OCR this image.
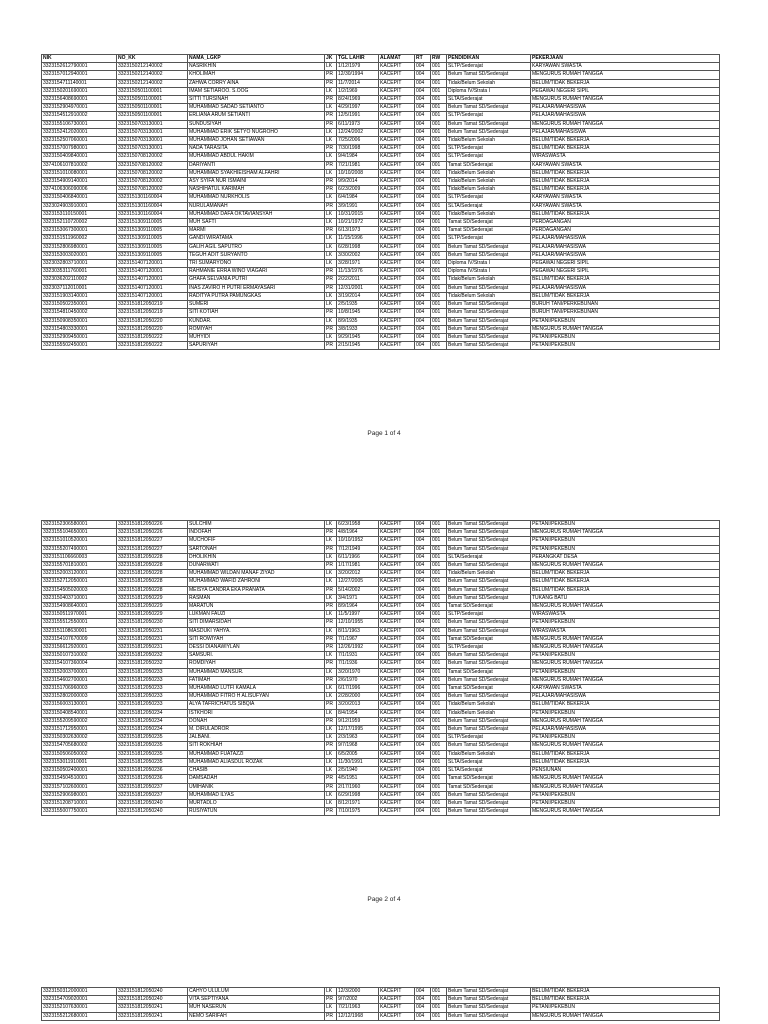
NIK	NO_KK	NAMA_LGKP	JK	TGL LAHIR	ALAMAT	RT	RW	PENDIDIKAN	PEKERJAAN
3323152612790001	3323150212140002	NASRIKHIN	LK	1/12/1979	KACEPIT	004	001	SLTP/Sederajat	KARYAWAN SWASTA
3323157012940001	3323150212140002	KHOLIMAH	PR	12/30/1994	KACEPIT	004	001	Belum Tamat SD/Sederajat	MENGURUS RUMAH TANGGA
3323154711140001	3323150212140002	ZAHWA CORRY AINA	PR	11/7/2014	KACEPIT	004	001	Tidak/Belum Sekolah	BELUM/TIDAK BEKERJA
3323150201690001	3323150501100001	IMAM SETIAROO. S.OOG	LK	1/2/1969	KACEPIT	004	001	Diploma IV/Strata I	PEGAWAI NEGERI SIPIL
3323156408690001	3323150501100001	SITTI TURSINAH	PR	8/24/1969	KACEPIT	004	001	SLTA/Sederajat	MENGURUS RUMAH TANGGA
3323152904970001	3323150501100001	MUHAMMAD SADAD SETIANTO	LK	4/29/1997	KACEPIT	004	001	Belum Tamat SD/Sederajat	PELAJAR/MAHASISWA
3323154512910002	3323150501100001	ERLIANA ARUM SETIANTI	PR	12/5/1991	KACEPIT	004	001	SLTP/Sederajat	PELAJAR/MAHASISWA
3323155106730001	3323150703130001	SUNDUSIYAH	PR	6/11/1973	KACEPIT	004	001	Belum Tamat SD/Sederajat	MENGURUS RUMAH TANGGA
3323152412020001	3323150703130001	MUHAMMAD ERIK SETYO NUGROHO	LK	12/24/2002	KACEPIT	004	001	Belum Tamat SD/Sederajat	PELAJAR/MAHASISWA
3323152507060001	3323150703130001	MUHAMMAD JOHAN SETIAWAN	LK	7/25/2006	KACEPIT	004	001	Tidak/Belum Sekolah	BELUM/TIDAK BEKERJA
3323157007980001	3323150703130001	NADA TARASITA	PR	7/30/1998	KACEPIT	004	001	SLTP/Sederajat	BELUM/TIDAK BEKERJA
3323150409840001	3323150708120002	MUHAMMAD ABDUL HAKIM	LK	9/4/1984	KACEPIT	004	001	SLTP/Sederajat	WIRASWASTA
3374106107810002	3323150708120002	DARIYANTI	PR	7/21/1981	KACEPIT	004	001	Tamat SD/Sederajat	KARYAWAN SWASTA
3323151010080001	3323150708120002	MUHAMMAD SYAKHIEISHAM ALFAHRI	LK	10/10/2008	KACEPIT	004	001	Tidak/Belum Sekolah	BELUM/TIDAK BEKERJA
3323154909140001	3323150708120002	ASY SYIFA NUR ISMAINI	PR	9/9/2014	KACEPIT	004	001	Tidak/Belum Sekolah	BELUM/TIDAK BEKERJA
3374106306090006	3323150708120002	NASHIHATUL KARIMAH	PR	6/23/2009	KACEPIT	004	001	Tidak/Belum Sekolah	BELUM/TIDAK BEKERJA
3323150406840001	3323151301160004	MUHAMMAD NURKHOLIS	LK	6/4/1984	KACEPIT	004	001	SLTP/Sederajat	KARYAWAN SWASTA
3323024903910001	3323151301160004	NURULAMANAH	PR	3/9/1991	KACEPIT	004	001	SLTA/Sederajat	KARYAWAN SWASTA
3323153110150001	3323151301160004	MUHAMMAD DAFA OKTAVIANSYAH	LK	10/31/2015	KACEPIT	004	001	Tidak/Belum Sekolah	BELUM/TIDAK BEKERJA
3323152110720002	3323151309110005	MUH SAFTI	LK	10/21/1972	KACEPIT	004	001	Tamat SD/Sederajat	PERDAGANGAN
3323153067300001	3323151309110005	MARMI	PR	6/13/1973	KACEPIT	004	001	Tamat SD/Sederajat	PERDAGANGAN
3323151511960002	3323151309110005	GANDI WIRATAMA	LK	11/15/1996	KACEPIT	004	001	SLTP/Sederajat	PELAJAR/MAHASISWA
3323152806980001	3323151309110005	GALIH AGIL SAPUTRO	LK	6/28/1998	KACEPIT	004	001	Belum Tamat SD/Sederajat	PELAJAR/MAHASISWA
3323153003020001	3323151309110005	TEGUH ADIT SURYANTO	LK	3/30/2002	KACEPIT	004	001	Belum Tamat SD/Sederajat	PELAJAR/MAHASISWA
3323032803710001	3323151407120001	TRI SUMARYONO	LK	3/28/1971	KACEPIT	004	001	Diploma IV/Strata I	PEGAWAI NEGERI SIPIL
3323035311760001	3323151407120001	RAHMANIE ERRA WINO VIAGARI	PR	11/13/1976	KACEPIT	004	001	Diploma IV/Strata I	PEGAWAI NEGERI SIPIL
3323036202110002	3323151407120001	GHAFA SELVANIA PUTRI	PR	2/22/2011	KACEPIT	004	001	Tidak/Belum Sekolah	BELUM/TIDAK BEKERJA
3323037112010001	3323151407120001	INAS ZAVIRO H PUTRI ERMAYASARI	PR	12/31/2001	KACEPIT	004	001	Belum Tamat SD/Sederajat	PELAJAR/MAHASISWA
3323151903140001	3323151407120001	RADITYA PUTRA PAMUNGKAS	LK	3/19/2014	KACEPIT	004	001	Tidak/Belum Sekolah	BELUM/TIDAK BEKERJA
3323150502350001	3323151812050219	SUMERI	LK	2/5/1935	KACEPIT	004	001	Belum Tamat SD/Sederajat	BURUH TANI/PERKEBUNAN
3323154810450002	3323151812050219	SITI KOTIAH	PR	10/8/1945	KACEPIT	004	001	Belum Tamat SD/Sederajat	BURUH TANI/PERKEBUNAN
3323150908350001	3323151812050220	KUNDAR.	LK	8/9/1935	KACEPIT	004	001	Belum Tamat SD/Sederajat	PETANI/PEKEBUN
3323154803330001	3323151812050220	ROMIYAH	PR	3/8/1933	KACEPIT	004	001	Belum Tamat SD/Sederajat	MENGURUS RUMAH TANGGA
3323152909450001	3323151812050222	MUHYIDI	LK	9/29/1945	KACEPIT	004	001	Belum Tamat SD/Sederajat	PETANI/PEKEBUN
3323155502450001	3323151812050222	SAPURIYAH	PR	2/15/1945	KACEPIT	004	001	Belum Tamat SD/Sederajat	PETANI/PEKEBUN
Page 1 of 4
3323152306580001	3323151812050226	SULCHIM	LK	6/23/1958	KACEPIT	004	001	Belum Tamat SD/Sederajat	PETANI/PEKEBUN
3323155104650001	3323151812050226	INDOFAH	PR	4/8/1964	KACEPIT	004	001	Belum Tamat SD/Sederajat	MENGURUS RUMAH TANGGA
3323151010520001	3323151812050227	MUCHOFIF	LK	10/10/1952	KACEPIT	004	001	Belum Tamat SD/Sederajat	PETANI/PEKEBUN
3323155207490001	3323151812050227	SARTONAH	PR	7/12/1949	KACEPIT	004	001	Belum Tamat SD/Sederajat	PETANI/PEKEBUN
3323151106660003	3323151812050228	DHOLIKHIN	LK	6/11/1966	KACEPIT	004	001	SLTA/Sederajat	PERANGKAT DESA
3323155701810001	3323151812050228	DUNARWATI	PR	1/17/1981	KACEPIT	004	001	Belum Tamat SD/Sederajat	MENGURUS RUMAH TANGGA
3323152003120001	3323151812050228	MUHAMMAD WILDAN MANAF ZIYAD	LK	3/20/2012	KACEPIT	004	001	Tidak/Belum Sekolah	BELUM/TIDAK BEKERJA
3323152712050001	3323151812050228	MUHAMMAD WAFID ZAHRONI	LK	12/27/2005	KACEPIT	004	001	Belum Tamat SD/Sederajat	BELUM/TIDAK BEKERJA
3323154505020003	3323151812050228	MEISYA CANDRA EKA PRANATA	PR	5/14/2002	KACEPIT	004	001	Belum Tamat SD/Sederajat	BELUM/TIDAK BEKERJA
3323150403710001	3323151812050229	RASMAN	LK	3/4/1971	KACEPIT	004	001	Belum Tamat SD/Sederajat	TUKANG BATU
3323154908640001	3323151812050229	MARATUN	PR	8/9/1964	KACEPIT	004	001	Tamat SD/Sederajat	MENGURUS RUMAH TANGGA
3323150511970001	3323151812050229	LUKMAN FAUZI	LK	11/5/1997	KACEPIT	004	001	SLTP/Sederajat	WIRASWASTA
3323155512550001	3323151812050230	SITI DIMARSIDAH	PR	12/10/1955	KACEPIT	004	001	Belum Tamat SD/Sederajat	PETANI/PEKEBUN
3323151108630001	3323151812050231	MASDUKI YAHYA.	LK	8/11/1963	KACEPIT	004	001	Belum Tamat SD/Sederajat	WIRASWASTA
3323154107670009	3323151812050231	SITI ROWIYAH	PR	7/1/1967	KACEPIT	004	001	Tamat SD/Sederajat	MENGURUS RUMAH TANGGA
3323156612920001	3323151812050231	DESSI DIANAWIYLAN	PR	12/26/1992	KACEPIT	004	001	SLTP/Sederajat	MENGURUS RUMAH TANGGA
3323150107310002	3323151812050232	SAMSURI.	LK	7/1/1931	KACEPIT	004	001	Belum Tamat SD/Sederajat	PETANI/PEKEBUN
3323154107360004	3323151812050232	ROMDIYAH	PR	7/1/1936	KACEPIT	004	001	Belum Tamat SD/Sederajat	MENGURUS RUMAH TANGGA
3323152003700001	3323151812050233	MUHAMMAD MANSUR.	LK	3/20/1970	KACEPIT	004	001	Tamat SD/Sederajat	PETANI/PEKEBUN
3323154602700001	3323151812050233	FATIMAH	PR	2/6/1970	KACEPIT	004	001	Belum Tamat SD/Sederajat	MENGURUS RUMAH TANGGA
3323151706960003	3323151812050233	MUHAMMAD LUTFI KAMALA	LK	6/17/1996	KACEPIT	004	001	Tamat SD/Sederajat	KARYAWAN SWASTA
3323152802000003	3323151812050233	MUHAMMAD FITRO H ALISUFYAN	LK	2/28/2000	KACEPIT	004	001	Belum Tamat SD/Sederajat	PELAJAR/MAHASISWA
3323156003130001	3323151812050233	ALYA TAFRICHATUS SIBQIA	PR	3/20/2013	KACEPIT	004	001	Tidak/Belum Sekolah	BELUM/TIDAK BEKERJA
3323150408540001	3323151812050234	ISTKHORI	LK	8/4/1954	KACEPIT	004	001	Tidak/Belum Sekolah	PETANI/PEKEBUN
3323155209590002	3323151812050234	DONAH	PR	9/12/1959	KACEPIT	004	001	Belum Tamat SD/Sederajat	MENGURUS RUMAH TANGGA
3323151712950001	3323151812050234	M. DIRULADROR	LK	12/17/1995	KACEPIT	004	001	Belum Tamat SD/Sederajat	PELAJAR/MAHASISWA
3323150302630002	3323151812050235	JALBANI.	LK	2/3/1963	KACEPIT	004	001	SLTP/Sederajat	PETANI/PEKEBUN
3323154705680002	3323151812050235	SITI ROKHIAH	PR	9/7/1968	KACEPIT	004	001	Belum Tamat SD/Sederajat	MENGURUS RUMAH TANGGA
3323150506050002	3323151812050235	MUHAMMAD FUATAZZI	LK	6/5/2005	KACEPIT	004	001	Tidak/Belum Sekolah	BELUM/TIDAK BEKERJA
3323153011910001	3323151812050235	MUHAMMAD ALIASDUL ROZAK	LK	11/30/1991	KACEPIT	004	001	SLTA/Sederajat	BELUM/TIDAK BEKERJA
3323150502400001	3323151812050236	CHASIB	LK	2/5/1940	KACEPIT	004	001	SLTA/Sederajat	PENSIUNAN
3323154504510001	3323151812050236	DAMSADAH	PR	4/5/1951	KACEPIT	004	001	Tamat SD/Sederajat	MENGURUS RUMAH TANGGA
3323157102600001	3323151812050237	UMIHANIK	PR	2/17/1960	KACEPIT	004	001	Tamat SD/Sederajat	MENGURUS RUMAH TANGGA
3323152906980001	3323151812050237	MUHAMMAD ILYAS	LK	6/29/1998	KACEPIT	004	001	Belum Tamat SD/Sederajat	PETANI/PEKEBUN
3323151208710001	3323151812050240	MURTADLO	LK	8/12/1971	KACEPIT	004	001	Belum Tamat SD/Sederajat	PETANI/PEKEBUN
3323155007750001	3323151812050240	RUSIYATUN	PR	7/10/1975	KACEPIT	004	001	Belum Tamat SD/Sederajat	MENGURUS RUMAH TANGGA
Page 2 of 4
3323150312000001	3323151812050240	CAHYO ULULUM	LK	12/3/2000	KACEPIT	004	001	Belum Tamat SD/Sederajat	BELUM/TIDAK BEKERJA
3323154709020001	3323151812050240	VITA SEPTIYANA	PR	9/7/2002	KACEPIT	004	001	Belum Tamat SD/Sederajat	BELUM/TIDAK BEKERJA
3323152107630001	3323151812050241	MUH NASERUN	LK	7/21/1963	KACEPIT	004	001	Belum Tamat SD/Sederajat	PETANI/PEKEBUN
3323155212680001	3323151812050241	NEMO SARIFAH	PR	12/12/1968	KACEPIT	004	001	Belum Tamat SD/Sederajat	MENGURUS RUMAH TANGGA
